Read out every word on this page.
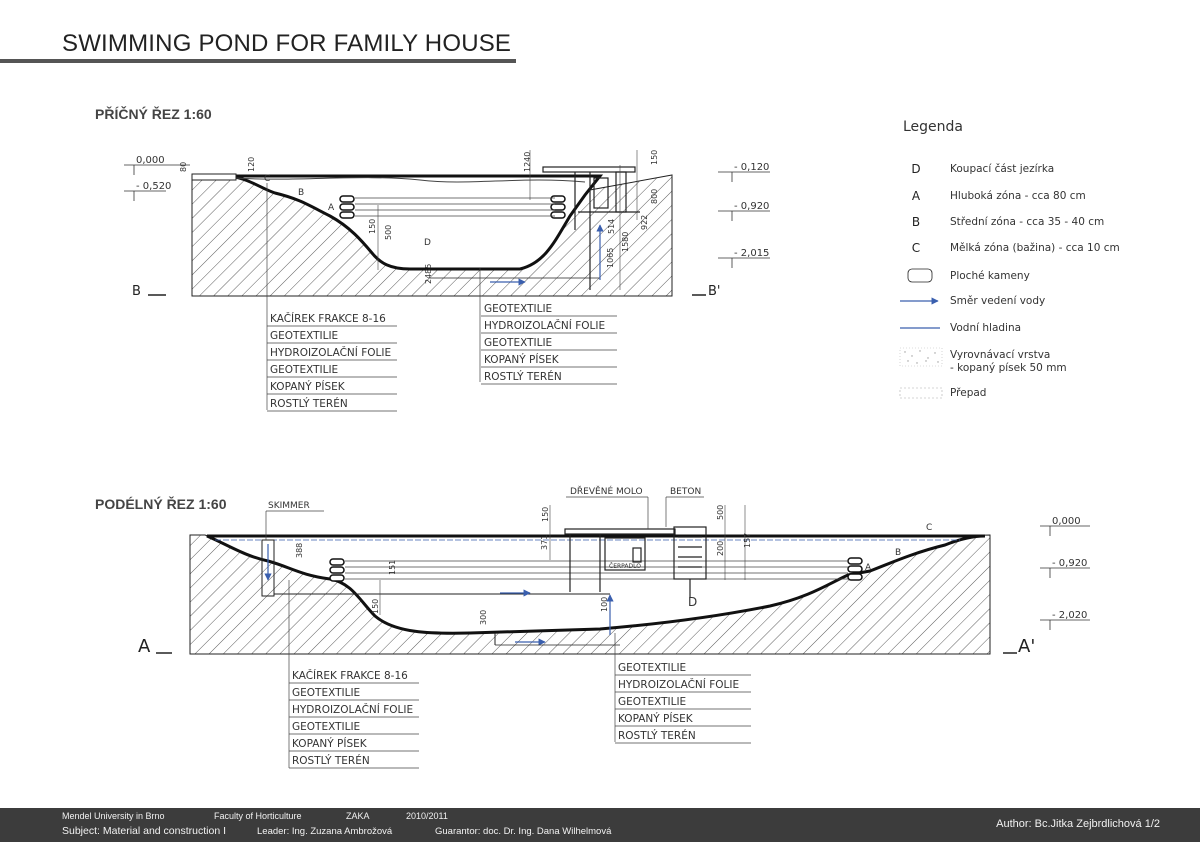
SWIMMING POND FOR FAMILY HOUSE
PŘÍČNÝ ŘEZ 1:60
PODÉLNÝ ŘEZ 1:60
0,000
- 0,520
- 0,120
- 0,920
- 2,015
80	120	1240	150
800
922
150 500	514
1065
1580
2485
C
B
A
D
B	B'
SKIMMER
DŘEVĚNÉ MOLO	BETON
ČERPADLO
0,000
- 0,920
- 2,020
388
151
150
150
371
100
300
500
200
157
C
B
A
D
A	A'
KAČÍREK FRAKCE 8-16
GEOTEXTILIE
HYDROIZOLAČNÍ FOLIE
GEOTEXTILIE
KOPANÝ PÍSEK
ROSTLÝ TERÉN
GEOTEXTILIE
HYDROIZOLAČNÍ FOLIE
GEOTEXTILIE
KOPANÝ PÍSEK
ROSTLÝ TERÉN
KAČÍREK FRAKCE 8-16
GEOTEXTILIE
HYDROIZOLAČNÍ FOLIE
GEOTEXTILIE
KOPANÝ PÍSEK
ROSTLÝ TERÉN
GEOTEXTILIE
HYDROIZOLAČNÍ FOLIE
GEOTEXTILIE
KOPANÝ PÍSEK
ROSTLÝ TERÉN
Legenda
D	Koupací část jezírka
A	Hluboká zóna - cca 80 cm
B	Střední zóna - cca 35 - 40 cm
C	Mělká zóna (bažina) - cca 10 cm
Ploché kameny
Směr vedení vody
Vodní hladina
Vyrovnávací vrstva
- kopaný písek 50 mm
Přepad
Mendel University in Brno	Faculty of Horticulture	ZAKA	2010/2011
Subject: Material and construction I	Leader: Ing. Zuzana Ambrožová	Guarantor: doc. Dr. Ing. Dana Wilhelmová
Author: Bc.Jitka Zejbrdlichová 1/2
